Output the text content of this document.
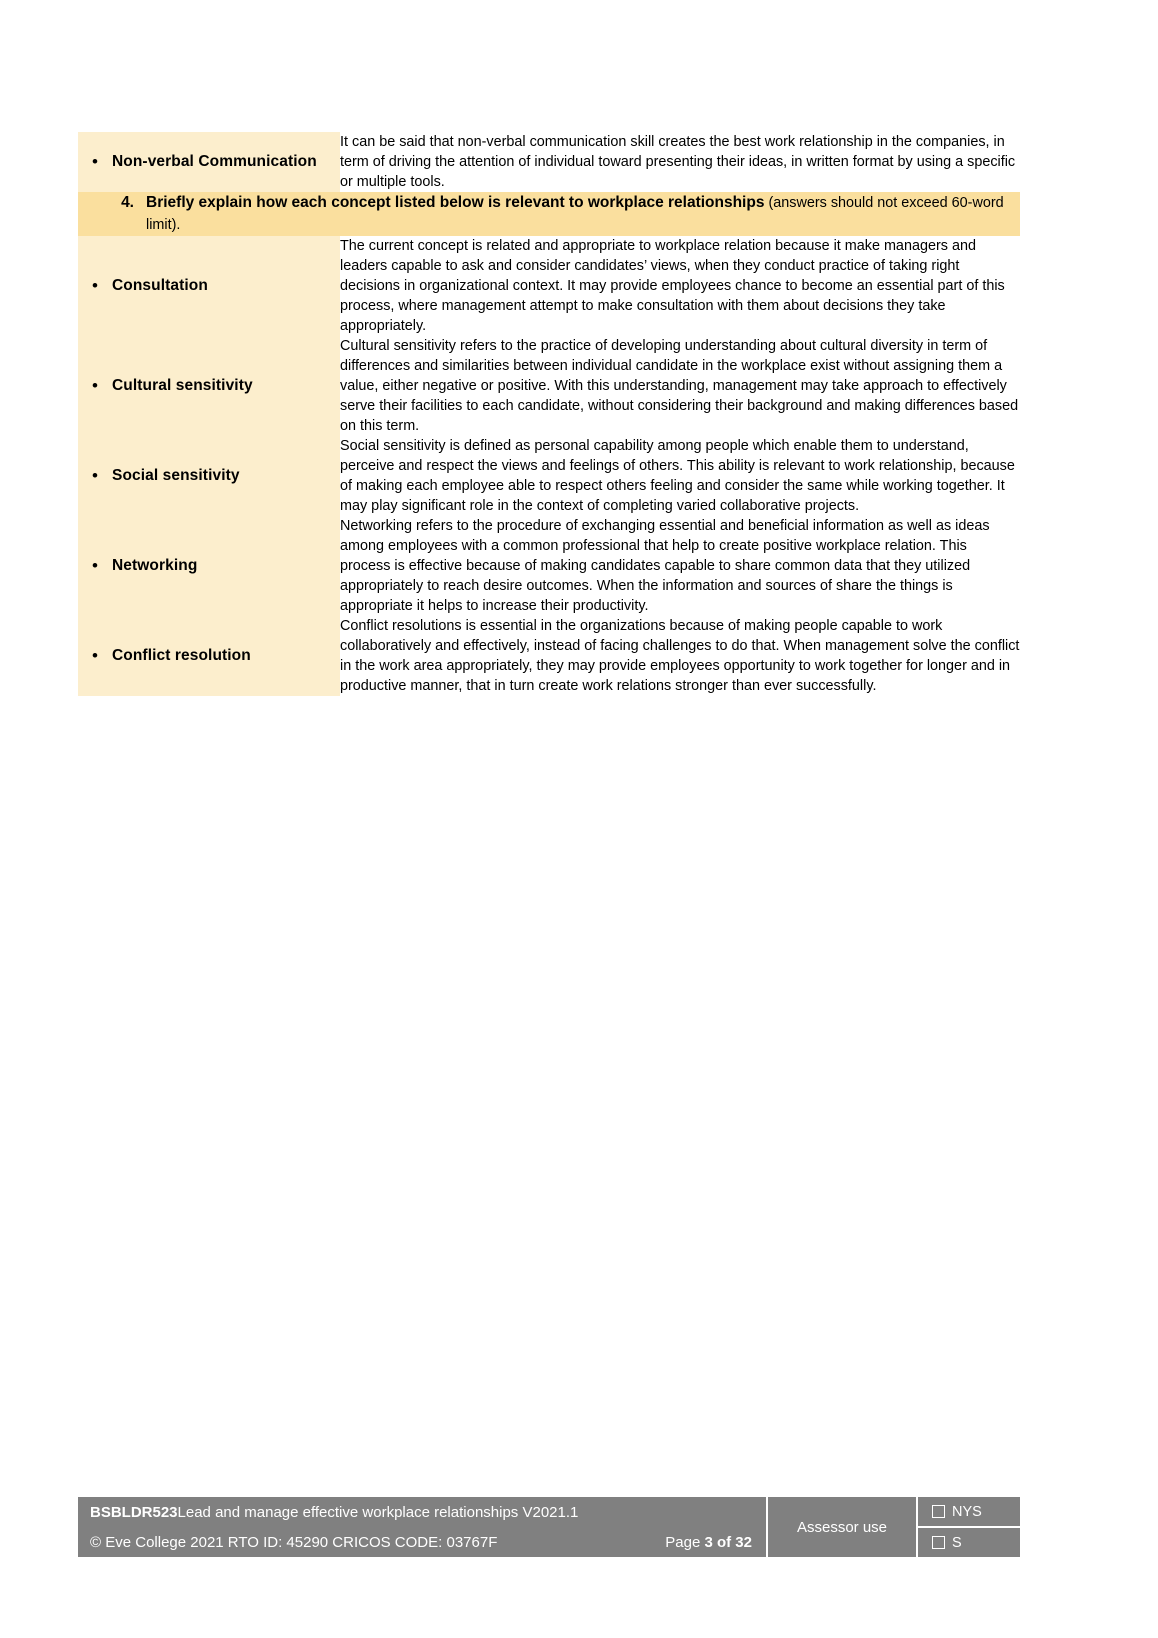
• Non-verbal Communication	It can be said that non-verbal communication skill creates the best work relationship in the companies, in term of driving the attention of individual toward presenting their ideas, in written format by using a specific or multiple tools.

4. Briefly explain how each concept listed below is relevant to workplace relationships (answers should not exceed 60-word limit).	

• Consultation	The current concept is related and appropriate to workplace relation because it make managers and leaders capable to ask and consider candidates’ views, when they conduct practice of taking right decisions in organizational context. It may provide employees chance to become an essential part of this process, where management attempt to make consultation with them about decisions they take appropriately.

• Cultural sensitivity	Cultural sensitivity refers to the practice of developing understanding about cultural diversity in term of differences and similarities between individual candidate in the workplace exist without assigning them a value, either negative or positive. With this understanding, management may take approach to effectively serve their facilities to each candidate, without considering their background and making differences based on this term.

• Social sensitivity	Social sensitivity is defined as personal capability among people which enable them to understand, perceive and respect the views and feelings of others. This ability is relevant to work relationship, because of making each employee able to respect others feeling and consider the same while working together. It may play significant role in the context of completing varied collaborative projects.

• Networking	Networking refers to the procedure of exchanging essential and beneficial information as well as ideas among employees with a common professional that help to create positive workplace relation. This process is effective because of making candidates capable to share common data that they utilized appropriately to reach desire outcomes. When the information and sources of share the things is appropriate it helps to increase their productivity.

• Conflict resolution	Conflict resolutions is essential in the organizations because of making people capable to work collaboratively and effectively, instead of facing challenges to do that. When management solve the conflict in the work area appropriately, they may provide employees opportunity to work together for longer and in productive manner, that in turn create work relations stronger than ever successfully.
BSBLDR523 Lead and manage effective workplace relationships V2021.1
© Eve College 2021 RTO ID: 45290 CRICOS CODE: 03767F	Page 3 of 32
Assessor use
NYS
S
